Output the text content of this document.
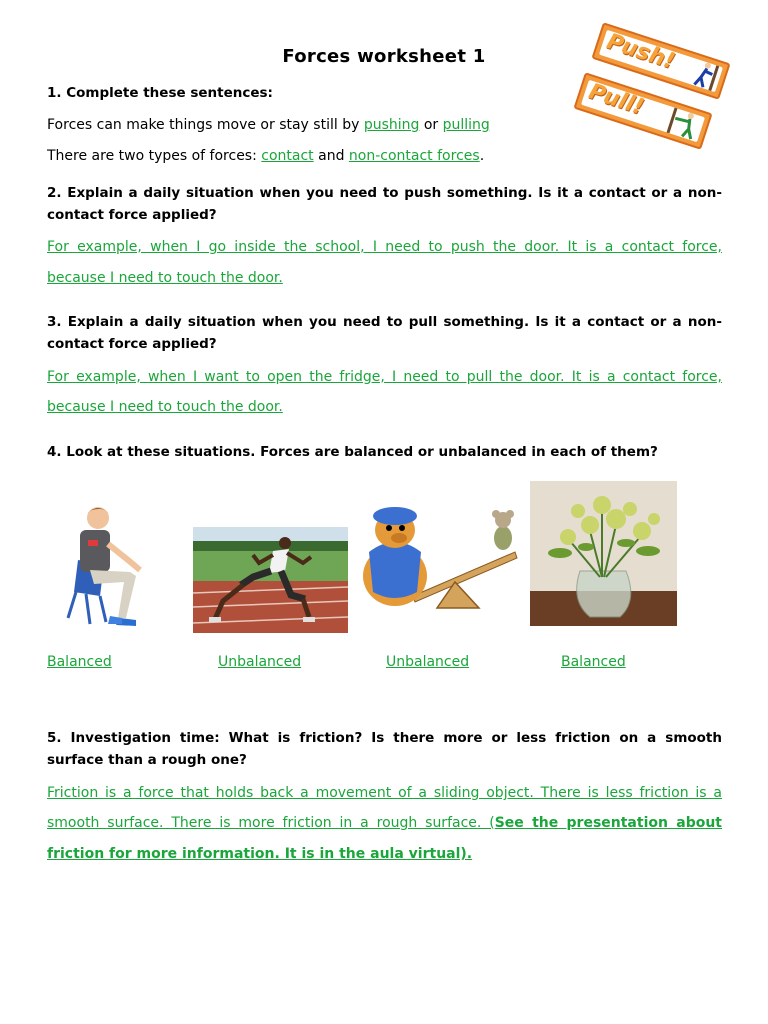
Forces worksheet 1	Push!
Pull!
1. Complete these sentences:
Forces can make things move or stay still by pushing or pulling
There are two types of forces: contact and non-contact forces.
2. Explain a daily situation when you need to push something. Is it a contact or a non-
contact force applied?
For example, when I go inside the school, I need to push the door. It is a contact force,
because I need to touch the door.
3. Explain a daily situation when you need to pull something. Is it a contact or a non-
contact force applied?
For example, when I want to open the fridge, I need to pull the door. It is a contact force,
because I need to touch the door.
4. Look at these situations. Forces are balanced or unbalanced in each of them?
Balanced	Unbalanced	Unbalanced	Balanced
5. Investigation time: What is friction? Is there more or less friction on a smooth
surface than a rough one?
Friction is a force that holds back a movement of a sliding object. There is less friction is a
smooth surface. There is more friction in a rough surface. (See the presentation about
friction for more information. It is in the aula virtual).
